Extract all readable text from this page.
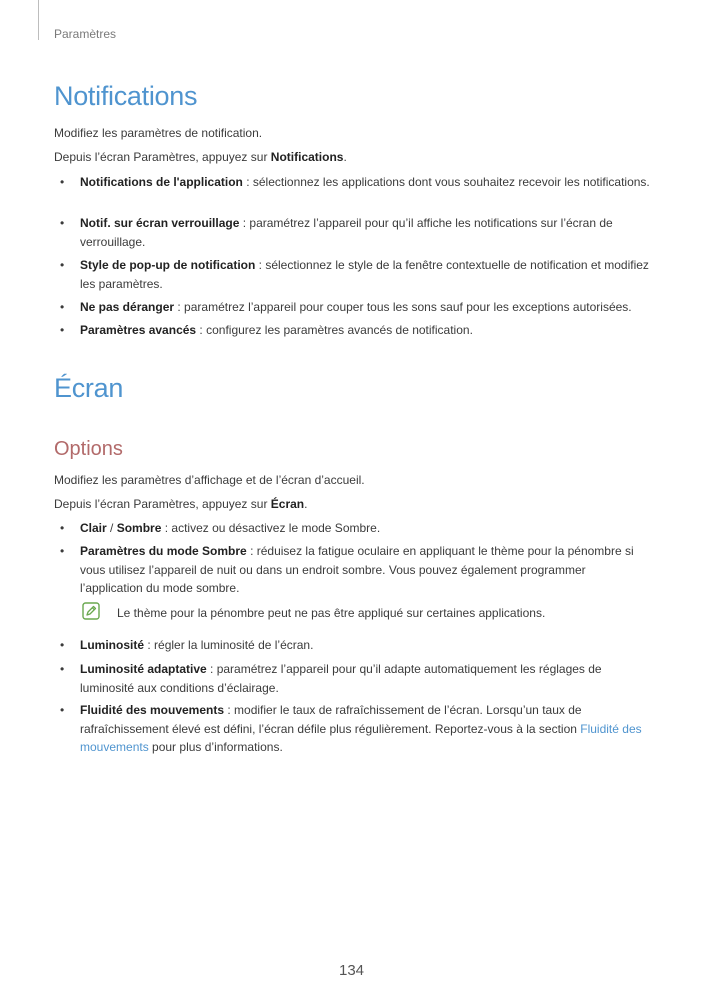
Paramètres
Notifications
Modifiez les paramètres de notification.
Depuis l’écran Paramètres, appuyez sur Notifications.
• Notifications de l'application : sélectionnez les applications dont vous souhaitez recevoir les notifications.
• Notif. sur écran verrouillage : paramétrez l’appareil pour qu’il affiche les notifications sur l’écran de verrouillage.
• Style de pop-up de notification : sélectionnez le style de la fenêtre contextuelle de notification et modifiez les paramètres.
• Ne pas déranger : paramétrez l’appareil pour couper tous les sons sauf pour les exceptions autorisées.
• Paramètres avancés : configurez les paramètres avancés de notification.
Écran
Options
Modifiez les paramètres d’affichage et de l’écran d’accueil.
Depuis l’écran Paramètres, appuyez sur Écran.
• Clair / Sombre : activez ou désactivez le mode Sombre.
• Paramètres du mode Sombre : réduisez la fatigue oculaire en appliquant le thème pour la pénombre si vous utilisez l’appareil de nuit ou dans un endroit sombre. Vous pouvez également programmer l’application du mode sombre.
Le thème pour la pénombre peut ne pas être appliqué sur certaines applications.
• Luminosité : régler la luminosité de l’écran.
• Luminosité adaptative : paramétrez l’appareil pour qu’il adapte automatiquement les réglages de luminosité aux conditions d’éclairage.
• Fluidité des mouvements : modifier le taux de rafraîchissement de l’écran. Lorsqu’un taux de rafraîchissement élevé est défini, l’écran défile plus régulièrement. Reportez-vous à la section Fluidité des mouvements pour plus d’informations.
134
